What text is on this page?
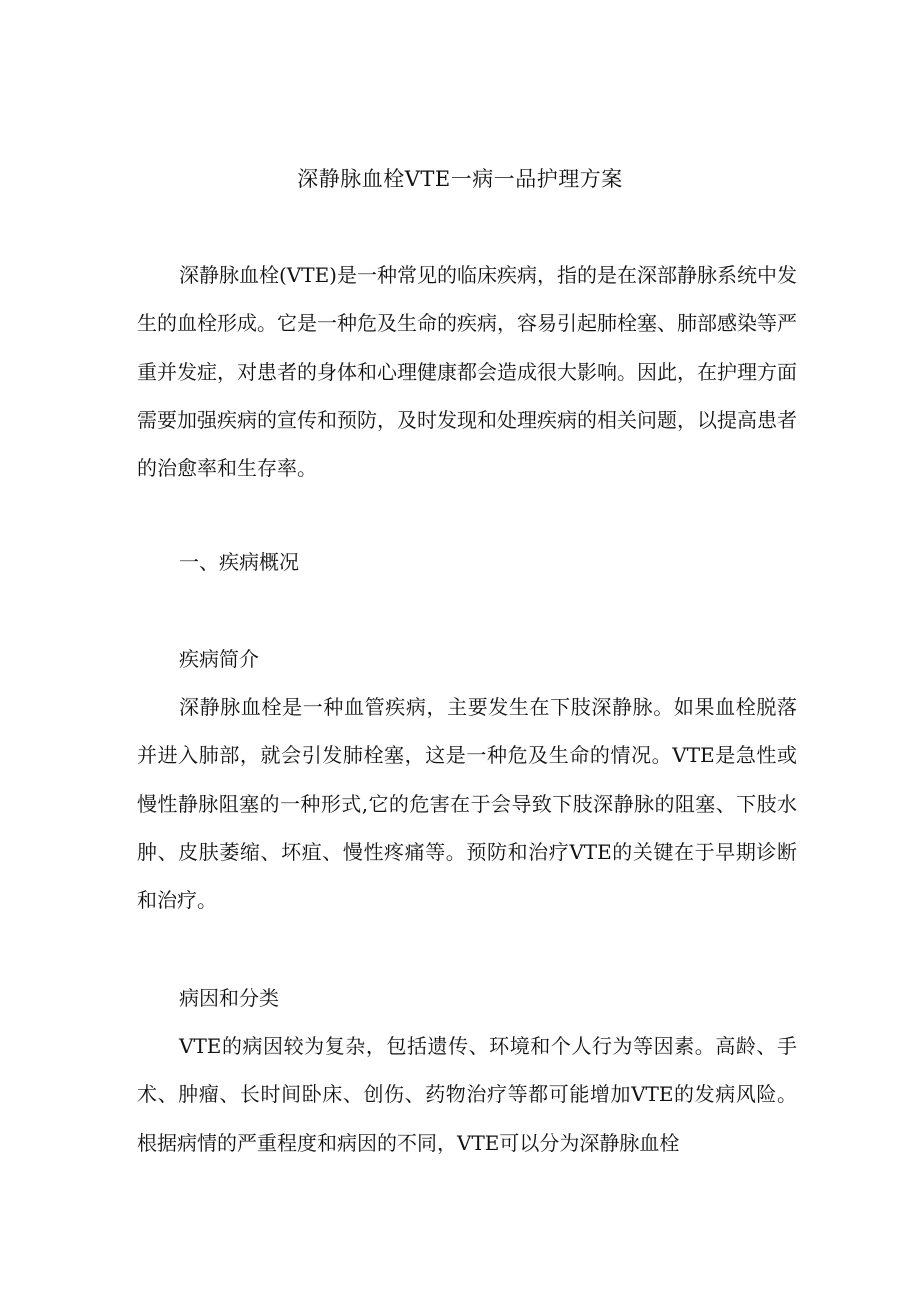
深静脉血栓VTE一病一品护理方案

深静脉血栓(VTE)是一种常见的临床疾病，指的是在深部静脉系统中发生的血栓形成。它是一种危及生命的疾病，容易引起肺栓塞、肺部感染等严重并发症，对患者的身体和心理健康都会造成很大影响。因此，在护理方面需要加强疾病的宣传和预防，及时发现和处理疾病的相关问题，以提高患者的治愈率和生存率。

一、疾病概况
疾病简介

深静脉血栓是一种血管疾病，主要发生在下肢深静脉。如果血栓脱落并进入肺部，就会引发肺栓塞，这是一种危及生命的情况。VTE是急性或慢性静脉阻塞的一种形式,它的危害在于会导致下肢深静脉的阻塞、下肢水肿、皮肤萎缩、坏疽、慢性疼痛等。预防和治疗VTE的关键在于早期诊断和治疗。

病因和分类

VTE的病因较为复杂，包括遗传、环境和个人行为等因素。高龄、手术、肿瘤、长时间卧床、创伤、药物治疗等都可能增加VTE的发病风险。根据病情的严重程度和病因的不同，VTE可以分为深静脉血栓
